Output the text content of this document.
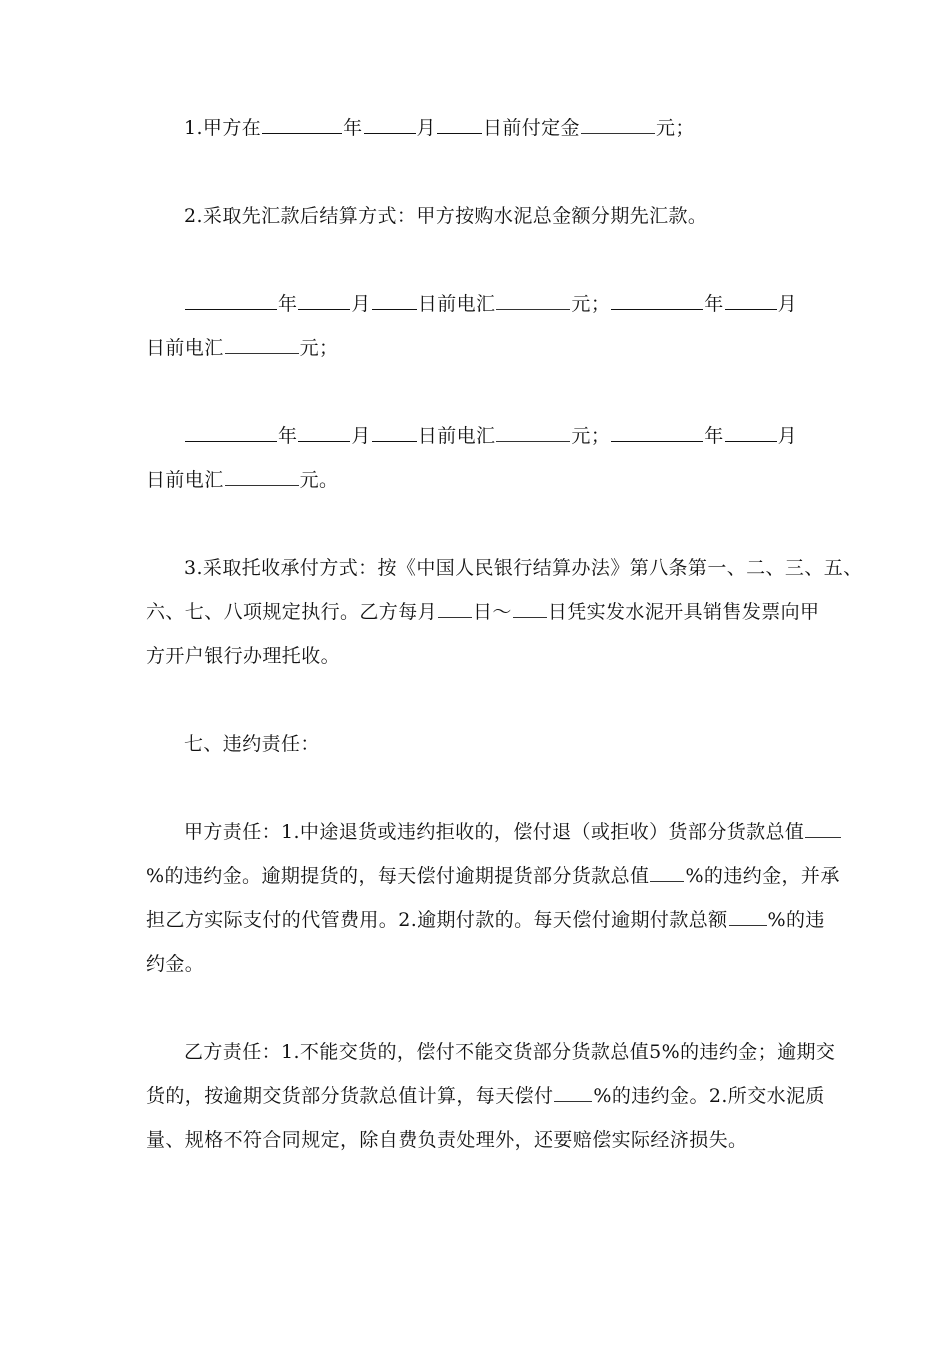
1.甲方在	年	月 日前付定金	元；
2.采取先汇款后结算方式：甲方按购水泥总金额分期先汇款。
年	月 日前电汇	元；	年	月
日前电汇	元；
年	月 日前电汇	元；	年	月
日前电汇	元。
3.采取托收承付方式：按《中国人民银行结算办法》第八条第一、二、三、五、
六、七、八项规定执行。乙方每月 日～ 日凭实发水泥开具销售发票向甲
方开户银行办理托收。
七、违约责任：
甲方责任：1.中途退货或违约拒收的，偿付退（或拒收）货部分货款总值
%的违约金。逾期提货的，每天偿付逾期提货部分货款总值 %的违约金，并承
担乙方实际支付的代管费用。2.逾期付款的。每天偿付逾期付款总额 %的违
约金。
乙方责任：1.不能交货的，偿付不能交货部分货款总值5%的违约金；逾期交
货的，按逾期交货部分货款总值计算，每天偿付 %的违约金。2.所交水泥质
量、规格不符合同规定，除自费负责处理外，还要赔偿实际经济损失。
